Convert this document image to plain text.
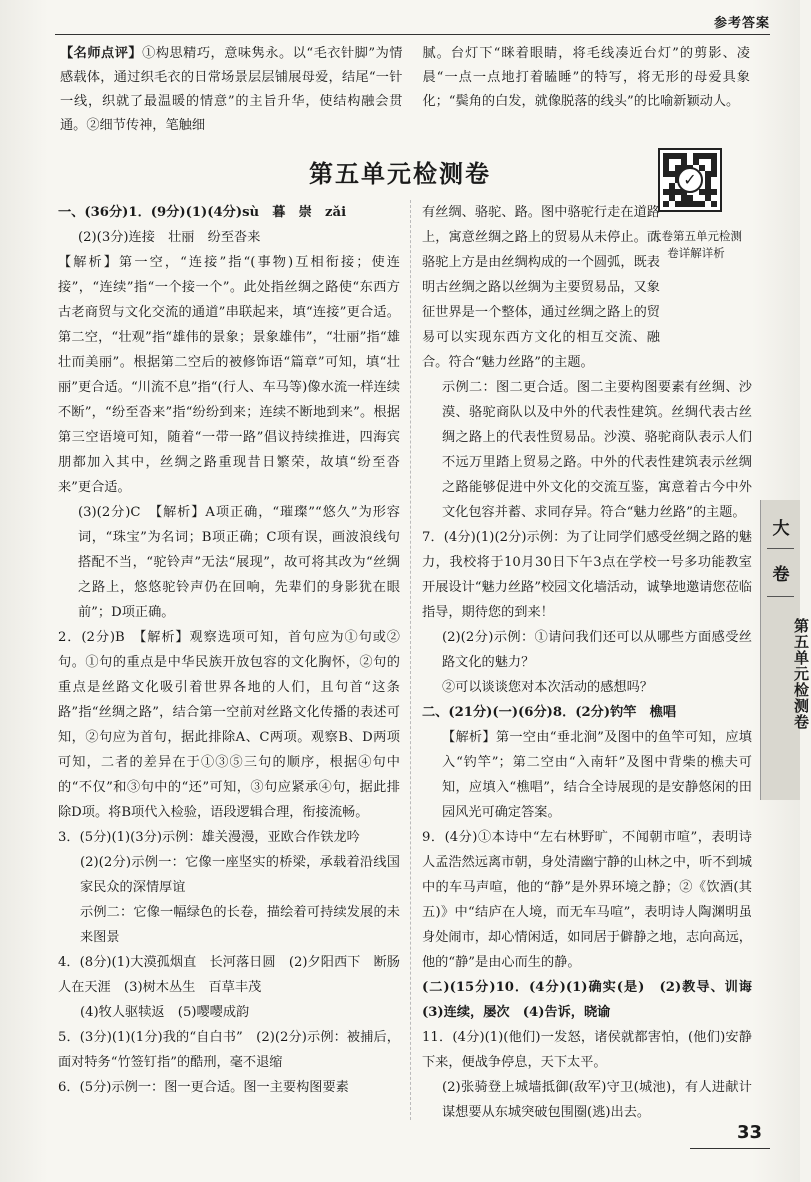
参考答案
【名师点评】①构思精巧，意味隽永。以“毛衣针脚”为情感载体，通过织毛衣的日常场景层层铺展母爱，结尾“一针一线，织就了最温暖的情意”的主旨升华，使结构融会贯通。②细节传神，笔触细
腻。台灯下“眯着眼睛，将毛线凑近台灯”的剪影、凌晨“一点一点地打着瞌睡”的特写，将无形的母爱具象化；“鬓角的白发，就像脱落的线头”的比喻新颖动人。
第五单元检测卷	✓
大卷第五单元检测卷详解详析

一、(36分)1．(9分)(1)(4分)sù　暮　崇　zǎi

(2)(3分)连接　壮丽　纷至沓来

【解析】第一空，“连接”指“(事物)互相衔接；使连接”，“连续”指“一个接一个”。此处指丝绸之路使“东西方古老商贸与文化交流的通道”串联起来，填“连接”更合适。第二空，“壮观”指“雄伟的景象；景象雄伟”，“壮丽”指“雄壮而美丽”。根据第二空后的被修饰语“篇章”可知，填“壮丽”更合适。“川流不息”指“(行人、车马等)像水流一样连续不断”，“纷至沓来”指“纷纷到来；连续不断地到来”。根据第三空语境可知，随着“一带一路”倡议持续推进，四海宾朋都加入其中，丝绸之路重现昔日繁荣，故填“纷至沓来”更合适。

(3)(2分)C　【解析】A项正确，“璀璨”“悠久”为形容词，“珠宝”为名词；B项正确；C项有误，画波浪线句搭配不当，“驼铃声”无法“展现”，故可将其改为“丝绸之路上，悠悠驼铃声仍在回响，先辈们的身影犹在眼前”；D项正确。

2．(2分)B　【解析】观察选项可知，首句应为①句或②句。①句的重点是中华民族开放包容的文化胸怀，②句的重点是丝路文化吸引着世界各地的人们，且句首“这条路”指“丝绸之路”，结合第一空前对丝路文化传播的表述可知，②句应为首句，据此排除A、C两项。观察B、D两项可知，二者的差异在于①③⑤三句的顺序，根据④句中的“不仅”和③句中的“还”可知，③句应紧承④句，据此排除D项。将B项代入检验，语段逻辑合理，衔接流畅。

3．(5分)(1)(3分)示例：雄关漫漫，亚欧合作铁龙吟

(2)(2分)示例一：它像一座坚实的桥梁，承载着沿线国家民众的深情厚谊

示例二：它像一幅绿色的长卷，描绘着可持续发展的未来图景

4．(8分)(1)大漠孤烟直　长河落日圆　(2)夕阳西下　断肠人在天涯　(3)树木丛生　百草丰茂

(4)牧人驱犊返　(5)嘤嘤成韵

5．(3分)(1)(1分)我的“自白书”　(2)(2分)示例：被捕后，面对特务“竹签钉指”的酷刑，毫不退缩

6．(5分)示例一：图一更合适。图一主要构图要素

有丝绸、骆驼、路。图中骆驼行走在道路上，寓意丝绸之路上的贸易从未停止。而骆驼上方是由丝绸构成的一个圆弧，既表明古丝绸之路以丝绸为主要贸易品，又象征世界是一个整体，通过丝绸之路上的贸易可以实现东西方文化的相互交流、融合。符合“魅力丝路”的主题。

示例二：图二更合适。图二主要构图要素有丝绸、沙漠、骆驼商队以及中外的代表性建筑。丝绸代表古丝绸之路上的代表性贸易品。沙漠、骆驼商队表示人们不远万里踏上贸易之路。中外的代表性建筑表示丝绸之路能够促进中外文化的交流互鉴，寓意着古今中外文化包容并蓄、求同存异。符合“魅力丝路”的主题。

7．(4分)(1)(2分)示例：为了让同学们感受丝绸之路的魅力，我校将于10月30日下午3点在学校一号多功能教室开展设计“魅力丝路”校园文化墙活动，诚挚地邀请您莅临指导，期待您的到来！

(2)(2分)示例：①请问我们还可以从哪些方面感受丝路文化的魅力？

②可以谈谈您对本次活动的感想吗？

二、(21分)(一)(6分)8．(2分)钓竿　樵唱

【解析】第一空由“垂北涧”及图中的鱼竿可知，应填入“钓竿”；第二空由“入南轩”及图中背柴的樵夫可知，应填入“樵唱”，结合全诗展现的是安静悠闲的田园风光可确定答案。

9．(4分)①本诗中“左右林野旷，不闻朝市喧”，表明诗人孟浩然远离市朝，身处清幽宁静的山林之中，听不到城中的车马声喧，他的“静”是外界环境之静；②《饮酒(其五)》中“结庐在人境，而无车马喧”，表明诗人陶渊明虽身处闹市，却心情闲适，如同居于僻静之地，志向高远，他的“静”是由心而生的静。

(二)(15分)10．(4分)(1)确实(是)　(2)教导、训诲　(3)连续，屡次　(4)告诉，晓谕

11．(4分)(1)(他们)一发怒，诸侯就都害怕，(他们)安静下来，便战争停息，天下太平。

(2)张骑登上城墙抵御(敌军)守卫(城池)，有人进献计谋想要从东城突破包围圈(逃)出去。

大
卷
第五单元检测卷
33
